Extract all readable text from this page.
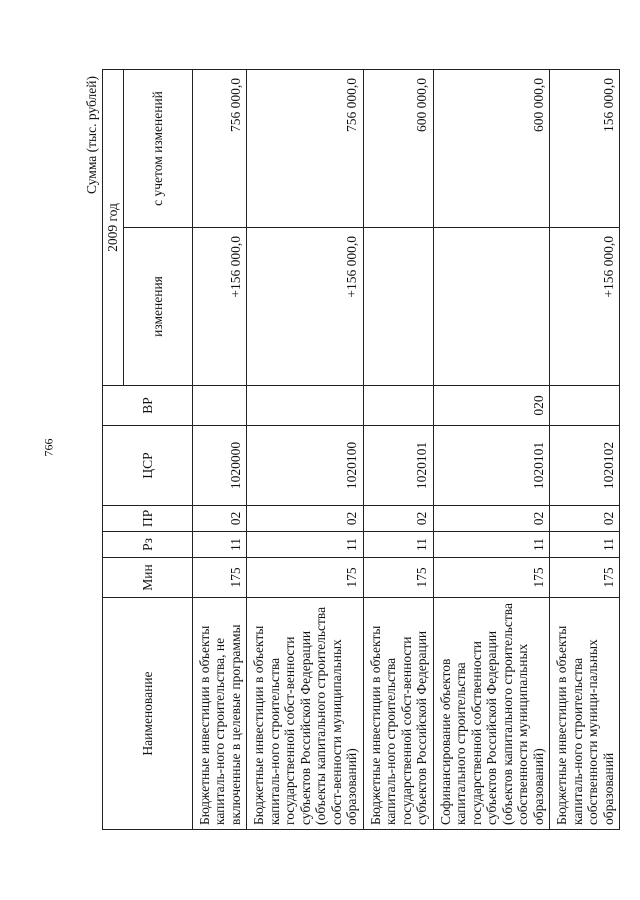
766
Сумма (тыс. рублей)
Наименование	Мин	Рз	ПР	ЦСР	ВР	2009 год	
						изменения	с учетом изменений
Бюджетные инвестиции в объекты капиталь-ного строительства, не включенные в целевые программы	175	11	02	1020000		+156 000,0	756 000,0
Бюджетные инвестиции в объекты капиталь-ного строительства государственной собст-венности субъектов Российской Федерации (объекты капитального строительства собст-венности муниципальных образований)	175	11	02	1020100		+156 000,0	756 000,0
Бюджетные инвестиции в объекты капиталь-ного строительства государственной собст-венности субъектов Российской Федерации	175	11	02	1020101			600 000,0
Софинансирование объектов капитального строительства государственной собственности субъектов Российской Федерации (объектов капитального строительства собственности муниципальных образований)	175	11	02	1020101	020		600 000,0
Бюджетные инвестиции в объекты капиталь-ного строительства собственности муници-пальных образований	175	11	02	1020102		+156 000,0	156 000,0
